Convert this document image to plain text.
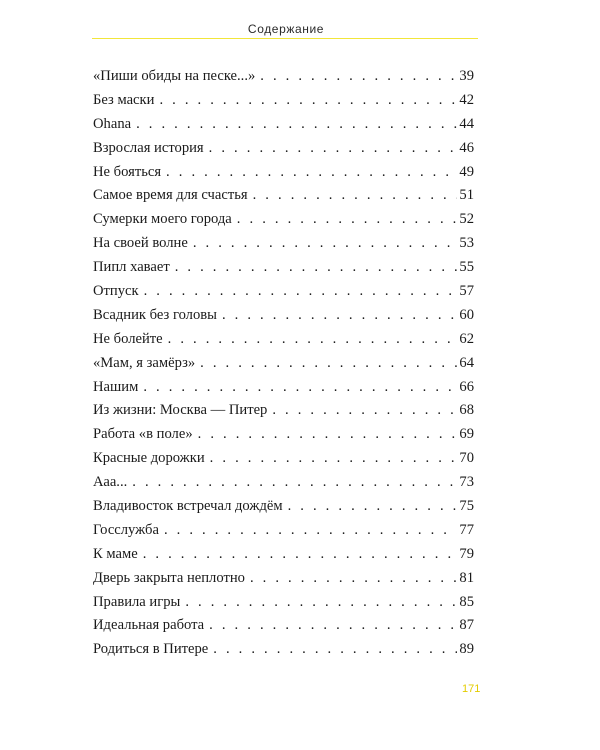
Содержание
«Пиши обиды на песке...» . . .	39
Без маски . . .	42
Ohana . . .	44
Взрослая история . . .	46
Не бояться . . .	49
Самое время для счастья . . .	51
Сумерки моего города . . .	52
На своей волне . . .	53
Пипл хавает . . .	55
Отпуск . . .	57
Всадник без головы . . .	60
Не болейте . . .	62
«Мам, я замёрз» . . .	64
Нашим . . .	66
Из жизни: Москва — Питер . . .	68
Работа «в поле» . . .	69
Красные дорожки . . .	70
Ааа... . . .	73
Владивосток встречал дождём . . .	75
Госслужба . . .	77
К маме . . .	79
Дверь закрыта неплотно . . .	81
Правила игры . . .	85
Идеальная работа . . .	87
Родиться в Питере . . .	89
171
